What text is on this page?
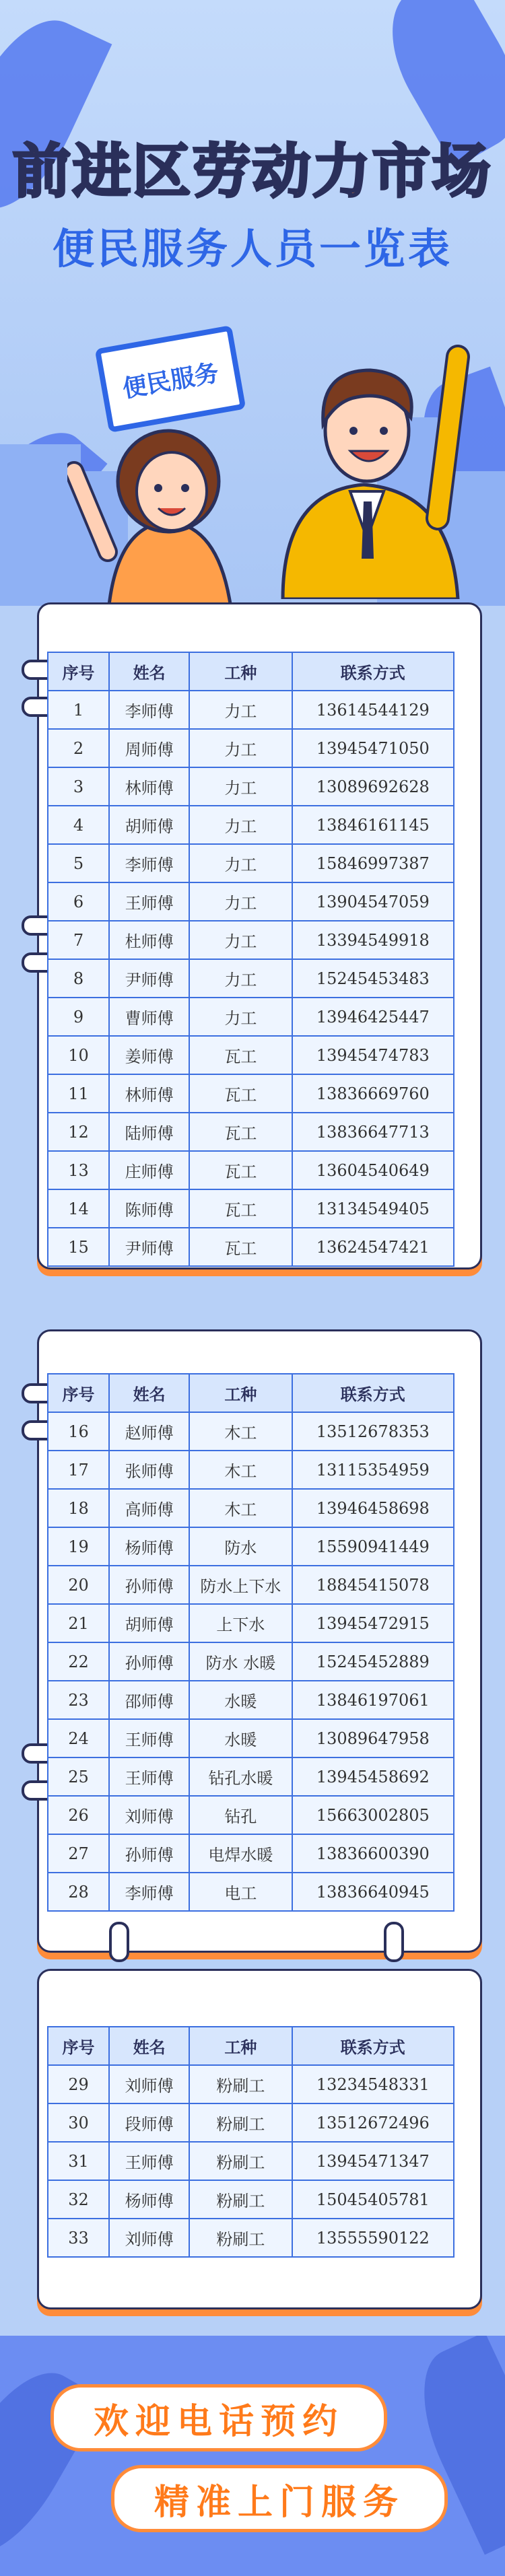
前进区劳动力市场
便民服务人员一览表
便民服务
序号	姓名	工种	联系方式
1	李师傅	力工	13614544129
2	周师傅	力工	13945471050
3	林师傅	力工	13089692628
4	胡师傅	力工	13846161145
5	李师傅	力工	15846997387
6	王师傅	力工	13904547059
7	杜师傅	力工	13394549918
8	尹师傅	力工	15245453483
9	曹师傅	力工	13946425447
10	姜师傅	瓦工	13945474783
11	林师傅	瓦工	13836669760
12	陆师傅	瓦工	13836647713
13	庄师傅	瓦工	13604540649
14	陈师傅	瓦工	13134549405
15	尹师傅	瓦工	13624547421
序号	姓名	工种	联系方式
16	赵师傅	木工	13512678353
17	张师傅	木工	13115354959
18	高师傅	木工	13946458698
19	杨师傅	防水	15590941449
20	孙师傅	防水上下水	18845415078
21	胡师傅	上下水	13945472915
22	孙师傅	防水 水暖	15245452889
23	邵师傅	水暖	13846197061
24	王师傅	水暖	13089647958
25	王师傅	钻孔水暖	13945458692
26	刘师傅	钻孔	15663002805
27	孙师傅	电焊水暖	13836600390
28	李师傅	电工	13836640945
序号	姓名	工种	联系方式
29	刘师傅	粉刷工	13234548331
30	段师傅	粉刷工	13512672496
31	王师傅	粉刷工	13945471347
32	杨师傅	粉刷工	15045405781
33	刘师傅	粉刷工	13555590122
欢迎电话预约
精准上门服务
